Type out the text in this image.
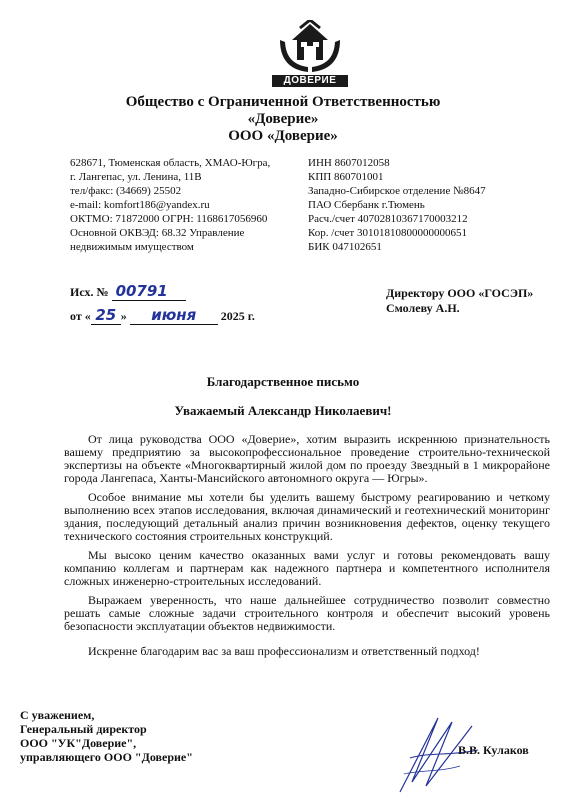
ДОВЕРИЕ
Общество с Ограниченной Ответственностью
«Доверие»
ООО «Доверие»
628671, Тюменская область, ХМАО-Югра,
г. Лангепас, ул. Ленина, 11В
тел/факс: (34669) 25502
e-mail: komfort186@yandex.ru
ОКТМО: 71872000 ОГРН: 1168617056960
Основной ОКВЭД: 68.32 Управление
недвижимым имуществом
ИНН 8607012058
КПП 860701001
Западно-Сибирское отделение №8647
ПАО Сбербанк г.Тюмень
Расч./счет 40702810367170003212
Кор. /счет 30101810800000000651
БИК 047102651
Исх. № 00791
от « 25 » июня 2025 г.
Директору ООО «ГОСЭП»
Смолеву А.Н.
Благодарственное письмо
Уважаемый Александр Николаевич!

От лица руководства ООО «Доверие», хотим выразить искреннюю признательность вашему предприятию за высокопрофессиональное проведение строительно-технической экспертизы на объекте «Многоквартирный жилой дом по проезду Звездный в 1 микрорайоне города Лангепаса, Ханты-Мансийского автономного округа — Югры».

Особое внимание мы хотели бы уделить вашему быстрому реагированию и четкому выполнению всех этапов исследования, включая динамический и геотехнический мониторинг здания, последующий детальный анализ причин возникновения дефектов, оценку текущего технического состояния строительных конструкций.

Мы высоко ценим качество оказанных вами услуг и готовы рекомендовать вашу компанию коллегам и партнерам как надежного партнера и компетентного исполнителя сложных инженерно-строительных исследований.

Выражаем уверенность, что наше дальнейшее сотрудничество позволит совместно решать самые сложные задачи строительного контроля и обеспечит высокий уровень безопасности эксплуатации объектов недвижимости.

Искренне благодарим вас за ваш профессионализм и ответственный подход!

С уважением,
Генеральный директор
ООО "УК"Доверие",
управляющего ООО "Доверие"	В.В. Кулаков
